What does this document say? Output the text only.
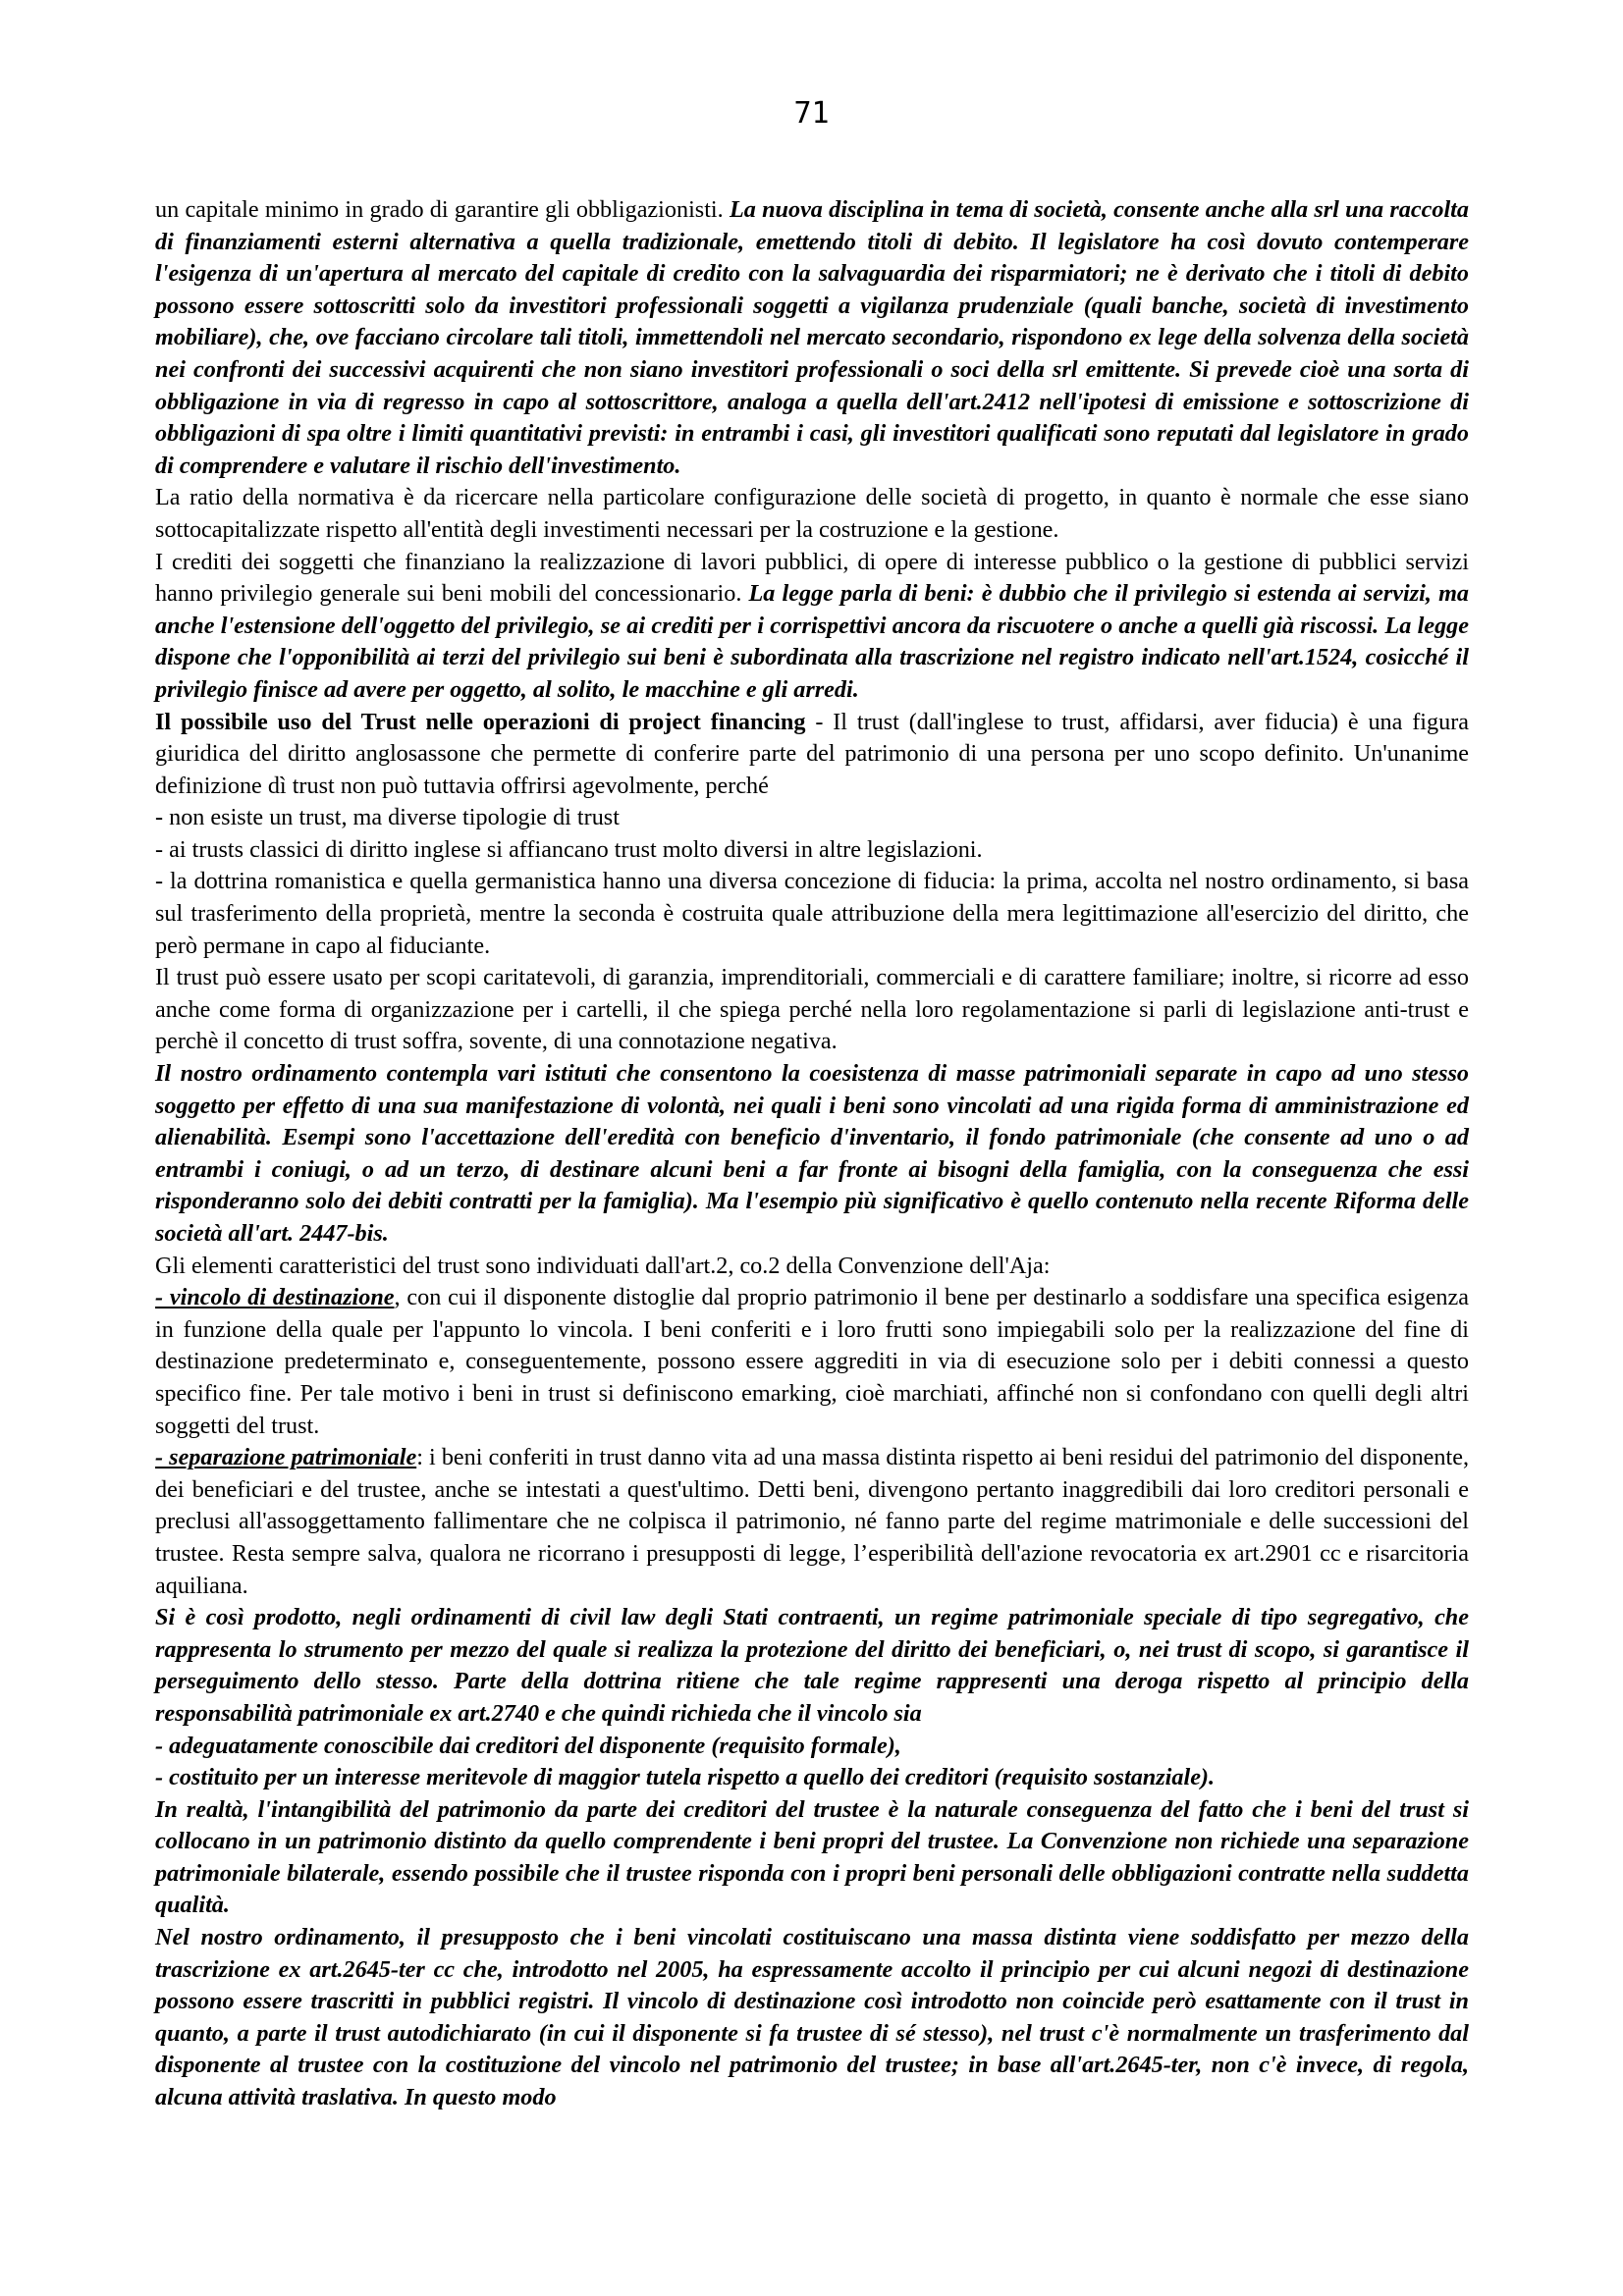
71

un capitale minimo in grado di garantire gli obbligazionisti. La nuova disciplina in tema di società, consente anche alla srl una raccolta di finanziamenti esterni alternativa a quella tradizionale, emettendo titoli di debito. Il legislatore ha così dovuto contemperare l'esigenza di un'apertura al mercato del capitale di credito con la salvaguardia dei risparmiatori; ne è derivato che i titoli di debito possono essere sottoscritti solo da investitori professionali soggetti a vigilanza prudenziale (quali banche, società di investimento mobiliare), che, ove facciano circolare tali titoli, immettendoli nel mercato secondario, rispondono ex lege della solvenza della società nei confronti dei successivi acquirenti che non siano investitori professionali o soci della srl emittente. Si prevede cioè una sorta di obbligazione in via di regresso in capo al sottoscrittore, analoga a quella dell'art.2412 nell'ipotesi di emissione e sottoscrizione di obbligazioni di spa oltre i limiti quantitativi previsti: in entrambi i casi, gli investitori qualificati sono reputati dal legislatore in grado di comprendere e valutare il rischio dell'investimento.

La ratio della normativa è da ricercare nella particolare configurazione delle società di progetto, in quanto è normale che esse siano sottocapitalizzate rispetto all'entità degli investimenti necessari per la costruzione e la gestione.

I crediti dei soggetti che finanziano la realizzazione di lavori pubblici, di opere di interesse pubblico o la gestione di pubblici servizi hanno privilegio generale sui beni mobili del concessionario. La legge parla di beni: è dubbio che il privilegio si estenda ai servizi, ma anche l'estensione dell'oggetto del privilegio, se ai crediti per i corrispettivi ancora da riscuotere o anche a quelli già riscossi. La legge dispone che l'opponibilità ai terzi del privilegio sui beni è subordinata alla trascrizione nel registro indicato nell'art.1524, cosicché il privilegio finisce ad avere per oggetto, al solito, le macchine e gli arredi.

Il possibile uso del Trust nelle operazioni di project financing - Il trust (dall'inglese to trust, affidarsi, aver fiducia) è una figura giuridica del diritto anglosassone che permette di conferire parte del patrimonio di una persona per uno scopo definito. Un'unanime definizione dì trust non può tuttavia offrirsi agevolmente, perché

- non esiste un trust, ma diverse tipologie di trust

- ai trusts classici di diritto inglese si affiancano trust molto diversi in altre legislazioni.

- la dottrina romanistica e quella germanistica hanno una diversa concezione di fiducia: la prima, accolta nel nostro ordinamento, si basa sul trasferimento della proprietà, mentre la seconda è costruita quale attribuzione della mera legittimazione all'esercizio del diritto, che però permane in capo al fiduciante.

Il trust può essere usato per scopi caritatevoli, di garanzia, imprenditoriali, commerciali e di carattere familiare; inoltre, si ricorre ad esso anche come forma di organizzazione per i cartelli, il che spiega perché nella loro regolamentazione si parli di legislazione anti-trust e perchè il concetto di trust soffra, sovente, di una connotazione negativa.

Il nostro ordinamento contempla vari istituti che consentono la coesistenza di masse patrimoniali separate in capo ad uno stesso soggetto per effetto di una sua manifestazione di volontà, nei quali i beni sono vincolati ad una rigida forma di amministrazione ed alienabilità. Esempi sono l'accettazione dell'eredità con beneficio d'inventario, il fondo patrimoniale (che consente ad uno o ad entrambi i coniugi, o ad un terzo, di destinare alcuni beni a far fronte ai bisogni della famiglia, con la conseguenza che essi risponderanno solo dei debiti contratti per la famiglia). Ma l'esempio più significativo è quello contenuto nella recente Riforma delle società all'art. 2447-bis.

Gli elementi caratteristici del trust sono individuati dall'art.2, co.2 della Convenzione dell'Aja:

- vincolo di destinazione, con cui il disponente distoglie dal proprio patrimonio il bene per destinarlo a soddisfare una specifica esigenza in funzione della quale per l'appunto lo vincola. I beni conferiti e i loro frutti sono impiegabili solo per la realizzazione del fine di destinazione predeterminato e, conseguentemente, possono essere aggrediti in via di esecuzione solo per i debiti connessi a questo specifico fine. Per tale motivo i beni in trust si definiscono emarking, cioè marchiati, affinché non si confondano con quelli degli altri soggetti del trust.

- separazione patrimoniale: i beni conferiti in trust danno vita ad una massa distinta rispetto ai beni residui del patrimonio del disponente, dei beneficiari e del trustee, anche se intestati a quest'ultimo. Detti beni, divengono pertanto inaggredibili dai loro creditori personali e preclusi all'assoggettamento fallimentare che ne colpisca il patrimonio, né fanno parte del regime matrimoniale e delle successioni del trustee. Resta sempre salva, qualora ne ricorrano i presupposti di legge, l’esperibilità dell'azione revocatoria ex art.2901 cc e risarcitoria aquiliana.

Si è così prodotto, negli ordinamenti di civil law degli Stati contraenti, un regime patrimoniale speciale di tipo segregativo, che rappresenta lo strumento per mezzo del quale si realizza la protezione del diritto dei beneficiari, o, nei trust di scopo, si garantisce il perseguimento dello stesso. Parte della dottrina ritiene che tale regime rappresenti una deroga rispetto al principio della responsabilità patrimoniale ex art.2740 e che quindi richieda che il vincolo sia

- adeguatamente conoscibile dai creditori del disponente (requisito formale),

- costituito per un interesse meritevole di maggior tutela rispetto a quello dei creditori (requisito sostanziale).

In realtà, l'intangibilità del patrimonio da parte dei creditori del trustee è la naturale conseguenza del fatto che i beni del trust si collocano in un patrimonio distinto da quello comprendente i beni propri del trustee. La Convenzione non richiede una separazione patrimoniale bilaterale, essendo possibile che il trustee risponda con i propri beni personali delle obbligazioni contratte nella suddetta qualità.

Nel nostro ordinamento, il presupposto che i beni vincolati costituiscano una massa distinta viene soddisfatto per mezzo della trascrizione ex art.2645-ter cc che, introdotto nel 2005, ha espressamente accolto il principio per cui alcuni negozi di destinazione possono essere trascritti in pubblici registri. Il vincolo di destinazione così introdotto non coincide però esattamente con il trust in quanto, a parte il trust autodichiarato (in cui il disponente si fa trustee di sé stesso), nel trust c'è normalmente un trasferimento dal disponente al trustee con la costituzione del vincolo nel patrimonio del trustee; in base all'art.2645-ter, non c'è invece, di regola, alcuna attività traslativa. In questo modo
